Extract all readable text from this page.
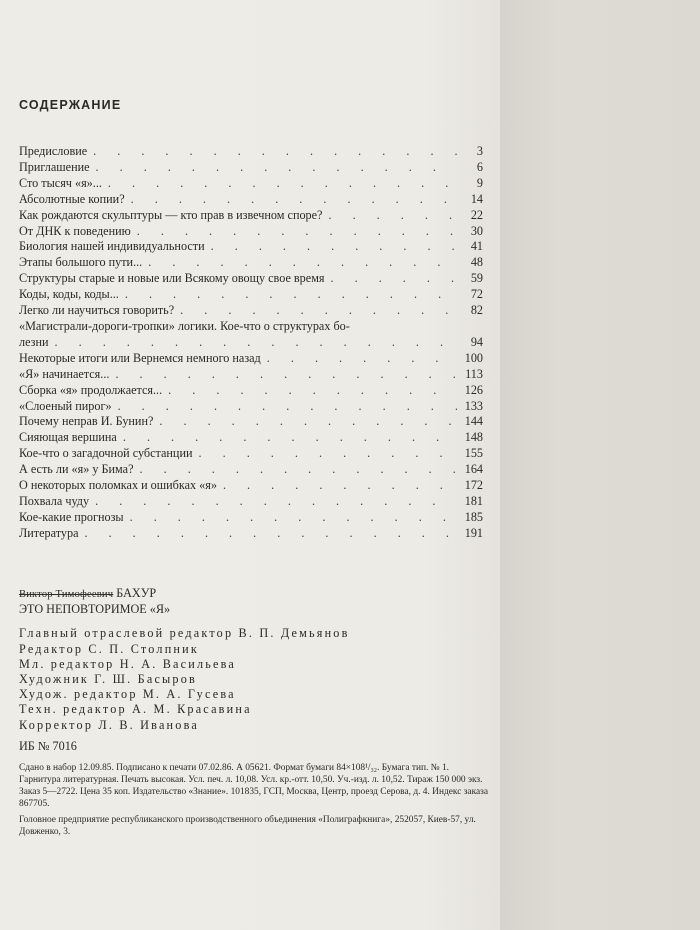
СОДЕРЖАНИЕ
Предисловие . . .	3
Приглашение . . .	6
Сто тысяч «я»... . . .	9
Абсолютные копии? . . .	14
Как рождаются скульптуры — кто прав в извечном споре? . . .	22
От ДНК к поведению . . .	30
Биология нашей индивидуальности . . .	41
Этапы большого пути... . . .	48
Структуры старые и новые или Всякому овощу свое время . . .	59
Коды, коды, коды... . . .	72
Легко ли научиться говорить? . . .	82
«Магистрали-дороги-тропки» логики. Кое-что о структурах бо-
лезни . . .	94
Некоторые итоги или Вернемся немного назад . . .	100
«Я» начинается... . . .	113
Сборка «я» продолжается... . . .	126
«Слоеный пирог» . . .	133
Почему неправ И. Бунин? . . .	144
Сияющая вершина . . .	148
Кое-что о загадочной субстанции . . .	155
А есть ли «я» у Бима? . . .	164
О некоторых поломках и ошибках «я» . . .	172
Похвала чуду . . .	181
Кое-какие прогнозы . . .	185
Литература . . .	191
Виктор Тимофеевич БАХУР
ЭТО НЕПОВТОРИМОЕ «Я»
Главный отраслевой редактор В. П. Демьянов
Редактор С. П. Столпник
Мл. редактор Н. А. Васильева
Художник Г. Ш. Басыров
Худож. редактор М. А. Гусева
Техн. редактор А. М. Красавина
Корректор Л. В. Иванова
ИБ № 7016

Сдано в набор 12.09.85. Подписано к печати 07.02.86. А 05621. Формат бумаги 84×108¹/₃₂. Бумага тип. № 1. Гарнитура литературная. Печать высокая. Усл. печ. л. 10,08. Усл. кр.-отт. 10,50. Уч.-изд. л. 10,52. Тираж 150 000 экз. Заказ 5—2722. Цена 35 коп. Издательство «Знание». 101835, ГСП, Москва, Центр, проезд Серова, д. 4. Индекс заказа 867705.

Головное предприятие республиканского производственного объединения «Полиграфкнига», 252057, Киев-57, ул. Довженко, 3.
